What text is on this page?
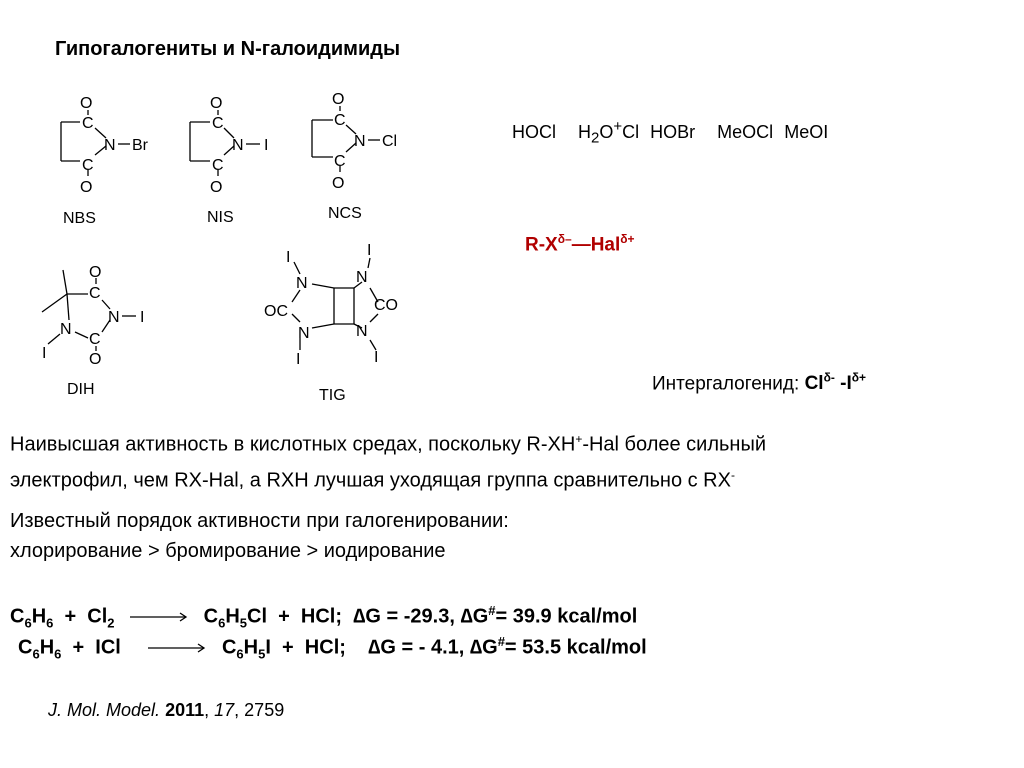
Гипогалогениты и N-галоидимиды
O
C
N Br
C
O
NBS
O
C
N I
C
O
NIS
O
C
N Cl
C
O
NCS
O
C
N I
N
I
C
O
DIH
I
N
I
N
OC	CO
N	N
I	I
TIG
HOCl $H_2O^+Cl$ HOBr MeOCl MeOI
$R-X^{\delta-}—Hal^{\delta+}$
Интергалогенид: $Cl^{\delta-}$ $-I^{\delta+}$
Наивысшая активность в кислотных средах, поскольку R-XH+-Hal более сильный
электрофил, чем RX-Hal, а RXH лучшая уходящая группа сравнительно с RX-
Известный порядок активности при галогенировании:
хлорирование > бромирование > иодирование
$C_6H_6 + Cl_2 \to C_6H_5Cl$  +  HCl;  ∆G = -29.3, ∆G#= 39.9 kcal/mol
$C_6H_6$  +  ICl → $C_6H_5I$  +  HCl;    ∆G = - 4.1, ∆G#= 53.5 kcal/mol
J. Mol. Model. 2011, 17, 2759
